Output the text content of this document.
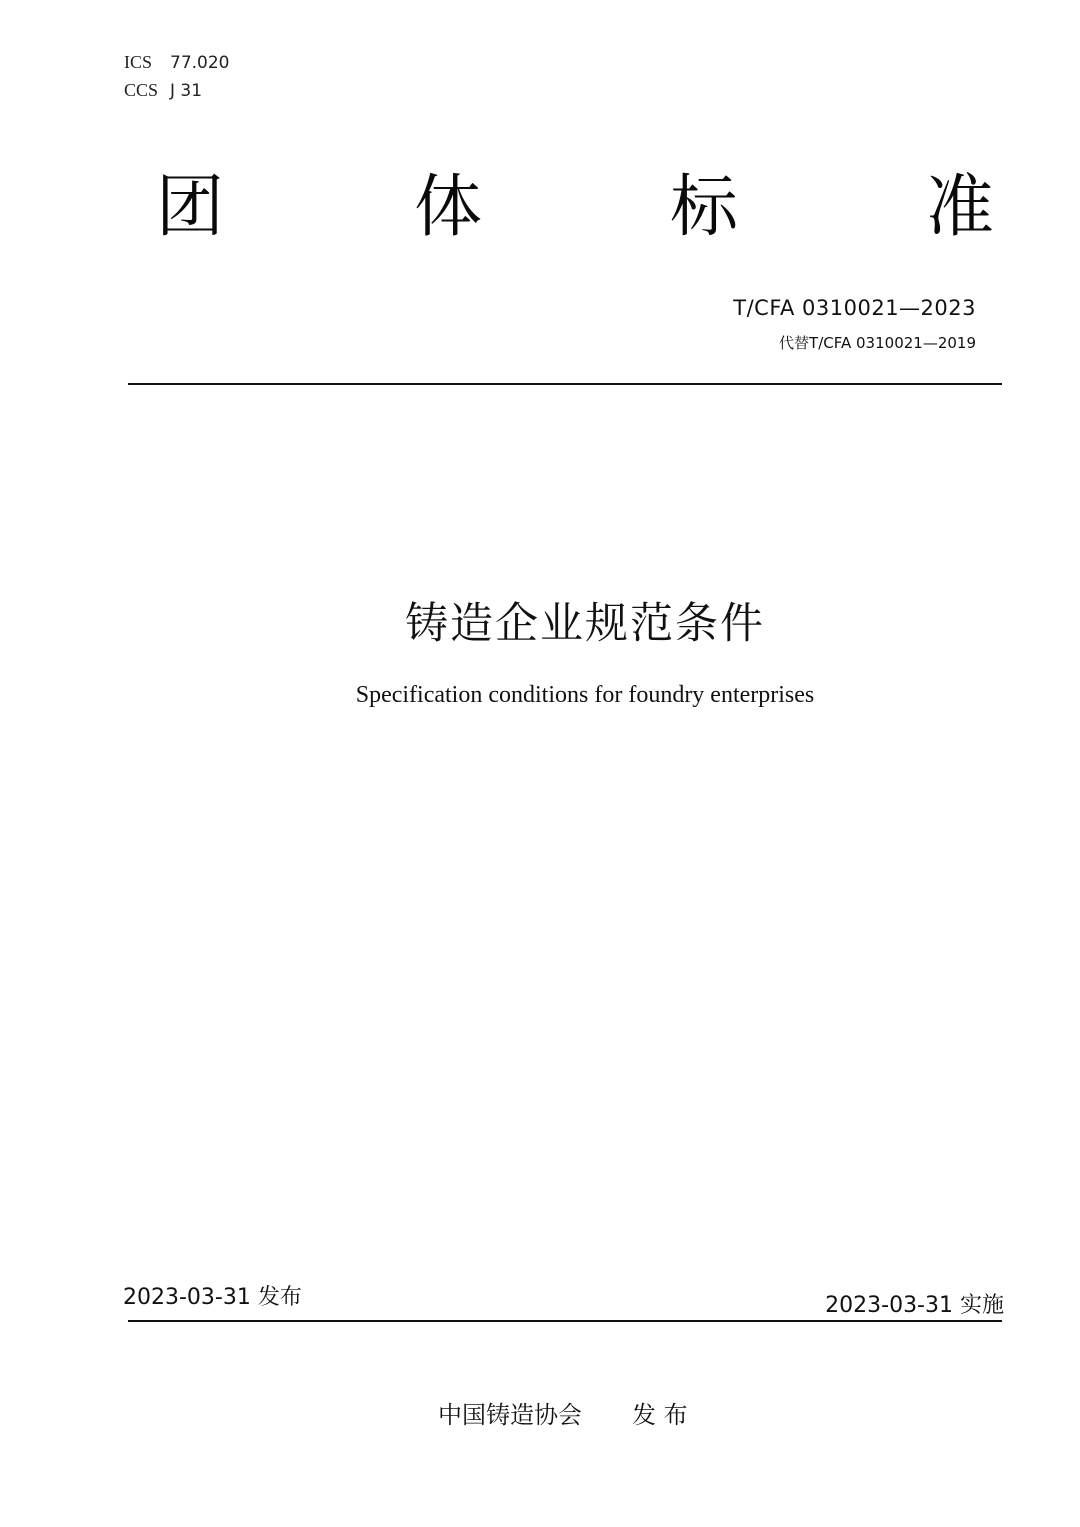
ICS 77.020
CCS J 31
团	体	标	准
T/CFA 0310021—2023
代替T/CFA 0310021—2019
铸造企业规范条件
Specification conditions for foundry enterprises
2023-03-31 发布	2023-03-31 实施
中国铸造协会 发 布
